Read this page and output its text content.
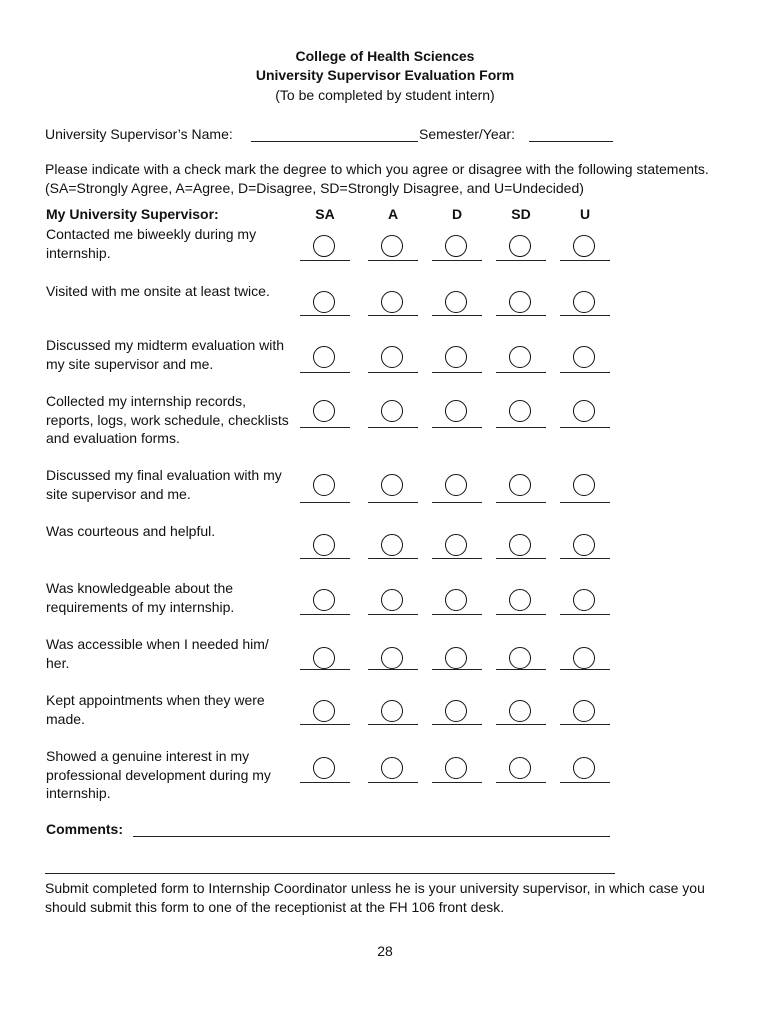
College of Health Sciences
University Supervisor Evaluation Form
(To be completed by student intern)
University Supervisor’s Name:	Semester/Year:
Please indicate with a check mark the degree to which you agree or disagree with the following statements. (SA=Strongly Agree, A=Agree, D=Disagree, SD=Strongly Disagree, and U=Undecided)
My University Supervisor:	SA	A	D	SD	U
Contacted me biweekly during my internship.
Visited with me onsite at least twice.
Discussed my midterm evaluation with my site supervisor and me.
Collected my internship records, reports, logs, work schedule, checklists and evaluation forms.
Discussed my final evaluation with my site supervisor and me.
Was courteous and helpful.
Was knowledgeable about the requirements of my internship.
Was accessible when I needed him/ her.
Kept appointments when they were made.
Showed a genuine interest in my professional development during my internship.
Comments:
Submit completed form to Internship Coordinator unless he is your university supervisor, in which case you should submit this form to one of the receptionist at the FH 106 front desk.
28
